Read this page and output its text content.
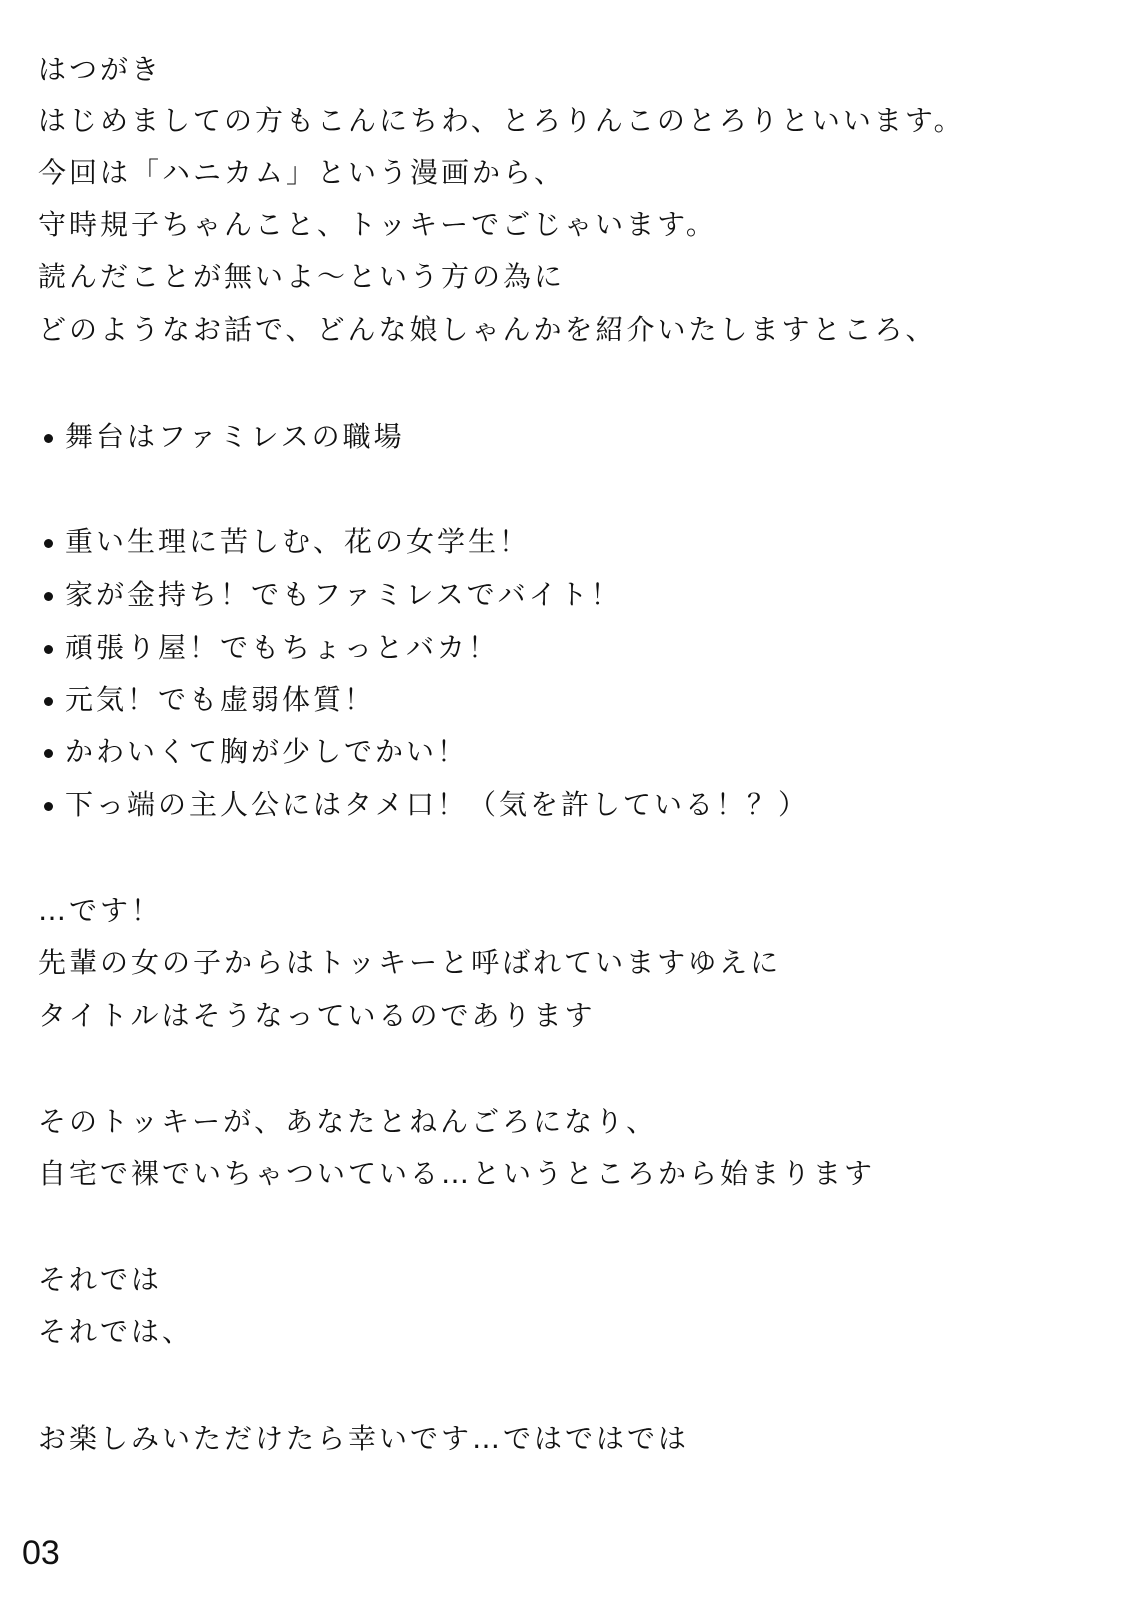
はつがき
はじめましての方もこんにちわ、とろりんこのとろりといいます。
今回は「ハニカム」という漫画から、
守時規子ちゃんこと、トッキーでごじゃいます。
読んだことが無いよ～という方の為に
どのようなお話で、どんな娘しゃんかを紹介いたしますところ、
舞台はファミレスの職場
重い生理に苦しむ、花の女学生！
家が金持ち！でもファミレスでバイト！
頑張り屋！でもちょっとバカ！
元気！でも虚弱体質！
かわいくて胸が少しでかい！
下っ端の主人公にはタメ口！（気を許している！？）
…です！
先輩の女の子からはトッキーと呼ばれていますゆえに
タイトルはそうなっているのであります
そのトッキーが、あなたとねんごろになり、
自宅で裸でいちゃついている…というところから始まります
それでは
それでは、
お楽しみいただけたら幸いです…ではではでは
03
